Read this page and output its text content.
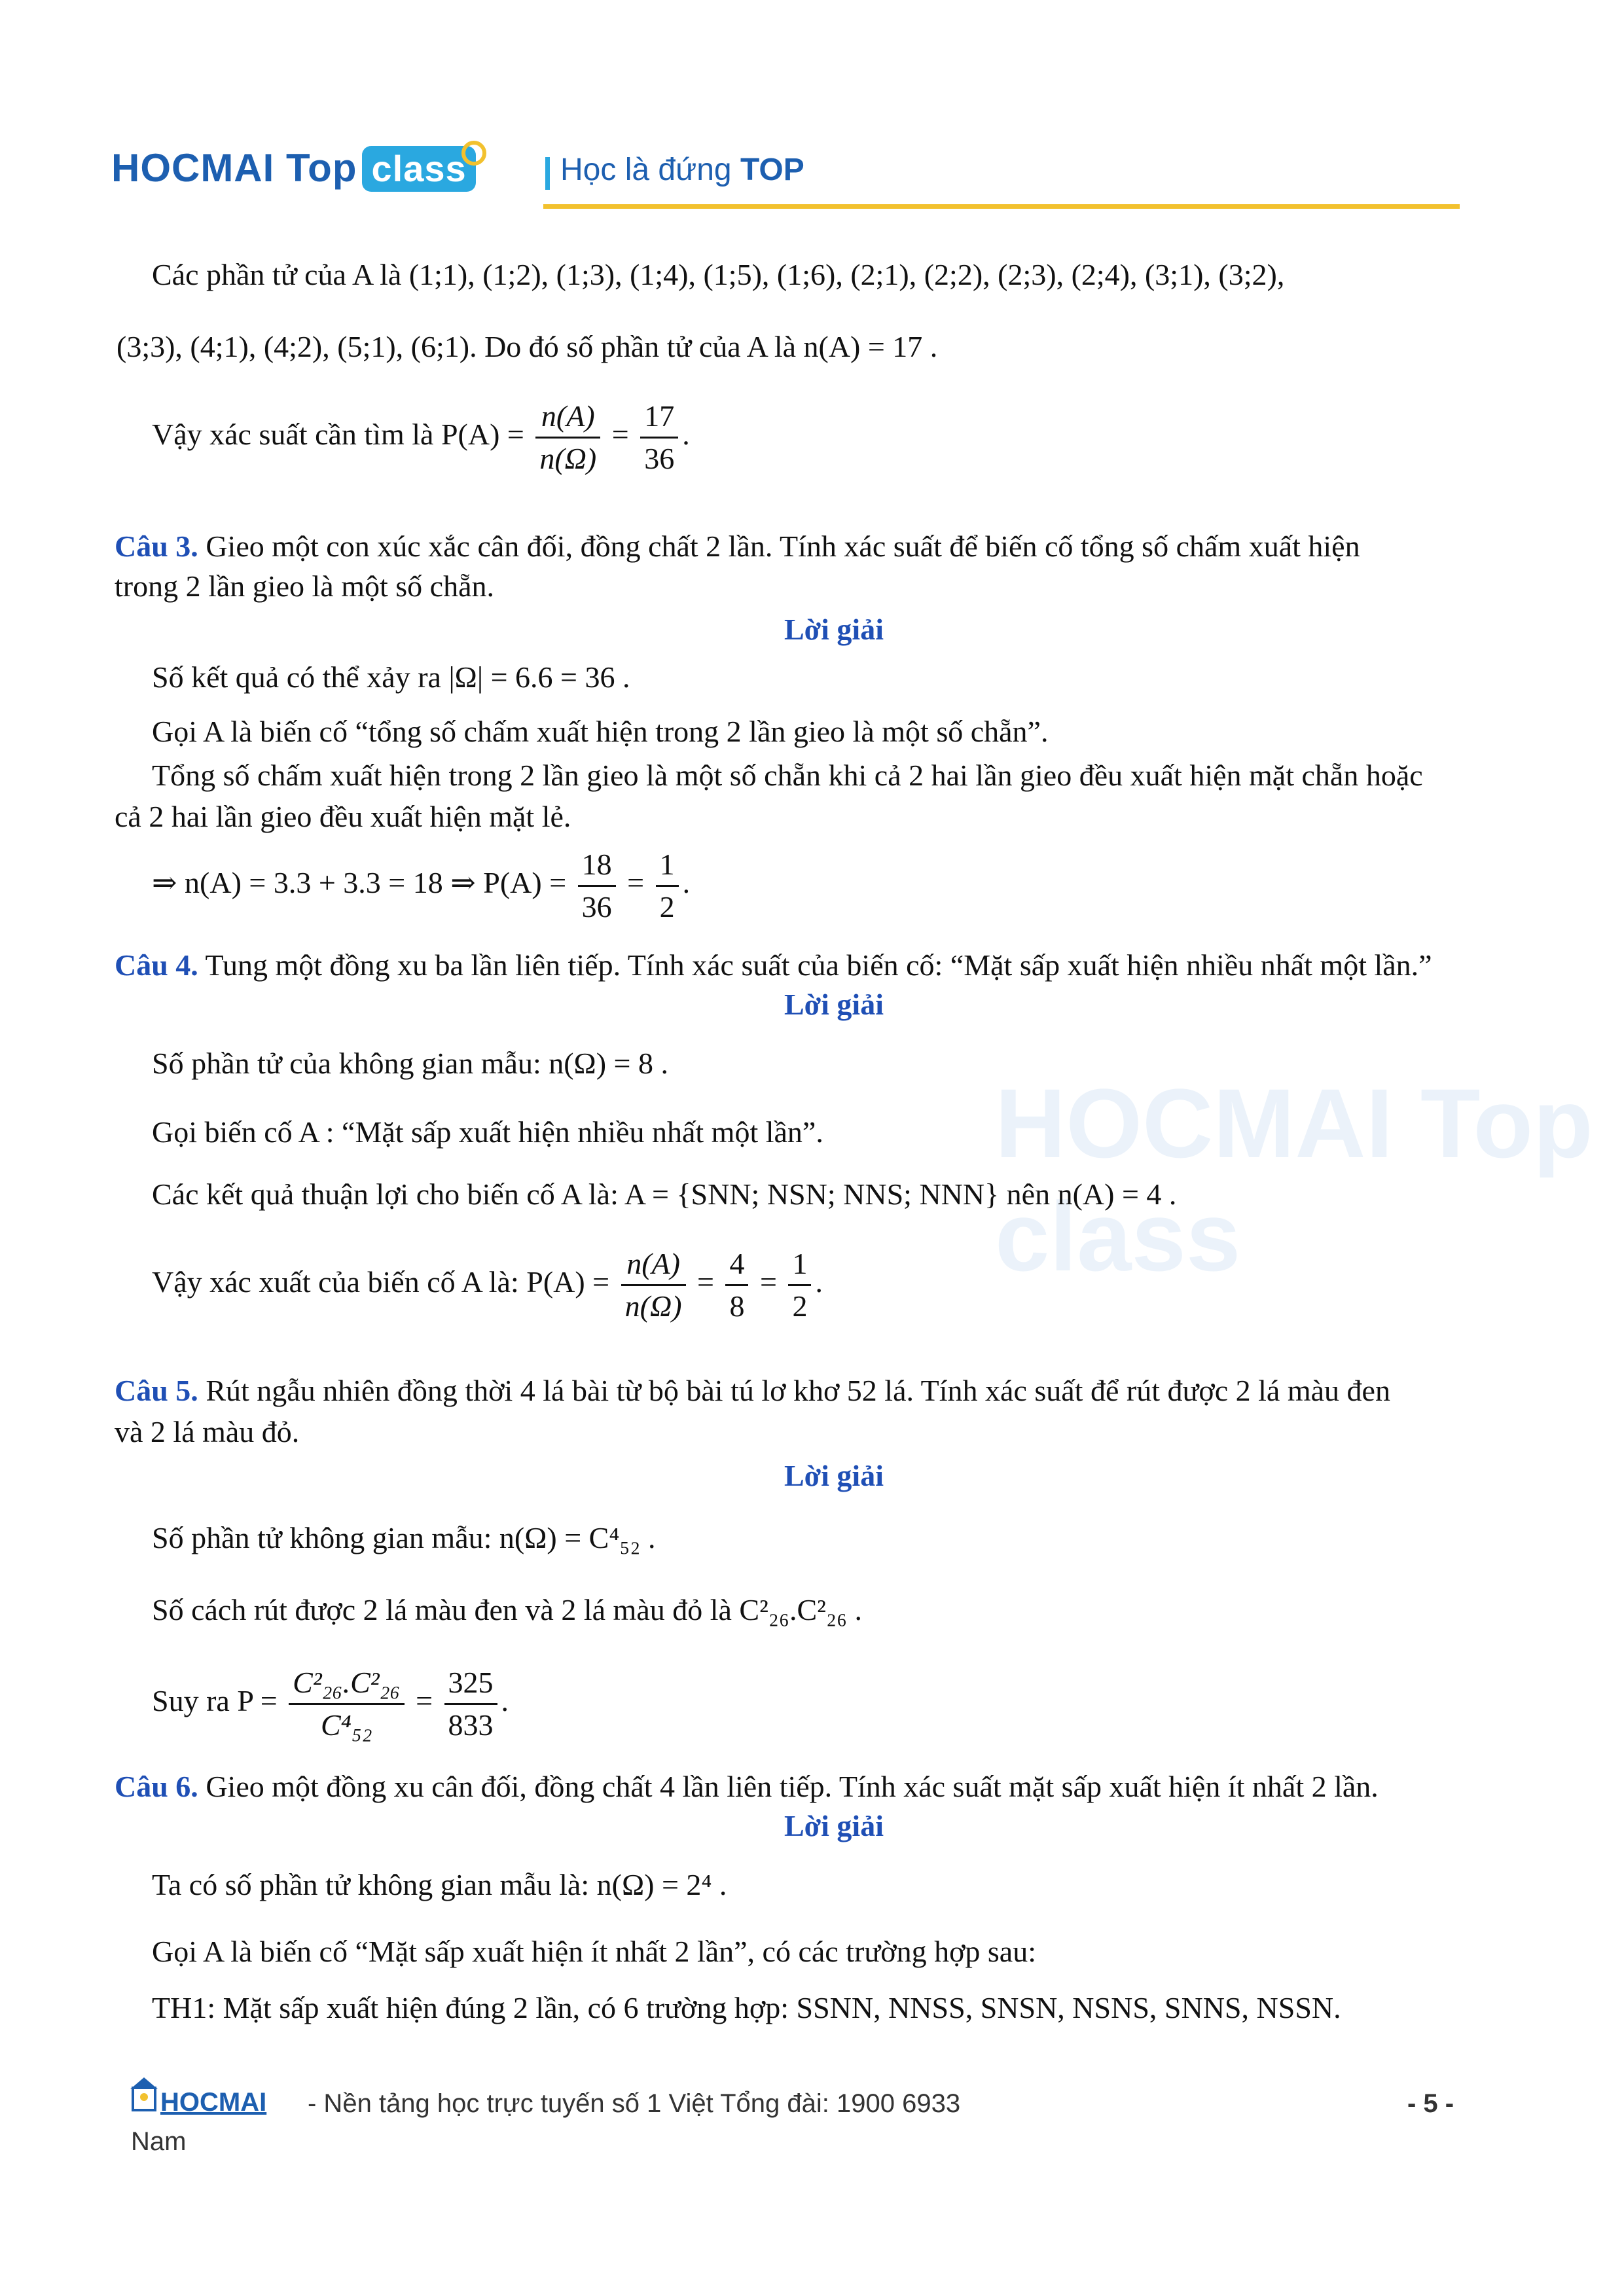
HOCMAI Top class	Học là đứng TOP
HOCMAI Top class
Các phần tử của A là (1;1), (1;2), (1;3), (1;4), (1;5), (1;6), (2;1), (2;2), (2;3), (2;4), (3;1), (3;2),
(3;3), (4;1), (4;2), (5;1), (6;1). Do đó số phần tử của A là n(A) = 17 .
Vậy xác suất cần tìm là $P(A) = \frac{n(A)}{n(\Omega)} = \frac{17}{36}$ .
Câu 3. Gieo một con xúc xắc cân đối, đồng chất 2 lần. Tính xác suất để biến cố tổng số chấm xuất hiện
trong 2 lần gieo là một số chẵn.
Lời giải
Số kết quả có thể xảy ra |Ω| = 6.6 = 36 .
Gọi A là biến cố “tổng số chấm xuất hiện trong 2 lần gieo là một số chẵn”.
Tổng số chấm xuất hiện trong 2 lần gieo là một số chẵn khi cả 2 hai lần gieo đều xuất hiện mặt chẵn hoặc
cả 2 hai lần gieo đều xuất hiện mặt lẻ.
⇒ n(A) = 3.3 + 3.3 = 18 ⇒ $P(A) = \frac{18}{36} = \frac{1}{2}$ .
Câu 4. Tung một đồng xu ba lần liên tiếp. Tính xác suất của biến cố: “Mặt sấp xuất hiện nhiều nhất một lần.”
Lời giải
Số phần tử của không gian mẫu: n(Ω) = 8 .
Gọi biến cố A : “Mặt sấp xuất hiện nhiều nhất một lần”.
Các kết quả thuận lợi cho biến cố A là: A = {SNN; NSN; NNS; NNN} nên n(A) = 4 .
Vậy xác xuất của biến cố A là: $P(A) = \frac{n(A)}{n(\Omega)} = \frac{4}{8} = \frac{1}{2}$ .
Câu 5. Rút ngẫu nhiên đồng thời 4 lá bài từ bộ bài tú lơ khơ 52 lá. Tính xác suất để rút được 2 lá màu đen
và 2 lá màu đỏ.
Lời giải
Số phần tử không gian mẫu: n(Ω) = C⁴₅₂ .
Số cách rút được 2 lá màu đen và 2 lá màu đỏ là C²₂₆.C²₂₆ .
Suy ra $P = \frac{\text{C²₂₆.C²₂₆}}{\text{C⁴₅₂}} = \frac{325}{833}$ .
Câu 6. Gieo một đồng xu cân đối, đồng chất 4 lần liên tiếp. Tính xác suất mặt sấp xuất hiện ít nhất 2 lần.
Lời giải
Ta có số phần tử không gian mẫu là: n(Ω) = 2⁴ .
Gọi A là biến cố “Mặt sấp xuất hiện ít nhất 2 lần”, có các trường hợp sau:
TH1: Mặt sấp xuất hiện đúng 2 lần, có 6 trường hợp: SSNN, NNSS, SNSN, NSNS, SNNS, NSSN.
HOCMAI - Nền tảng học trực tuyến số 1 Việt Tổng đài: 1900 6933	- 5 -
Nam
